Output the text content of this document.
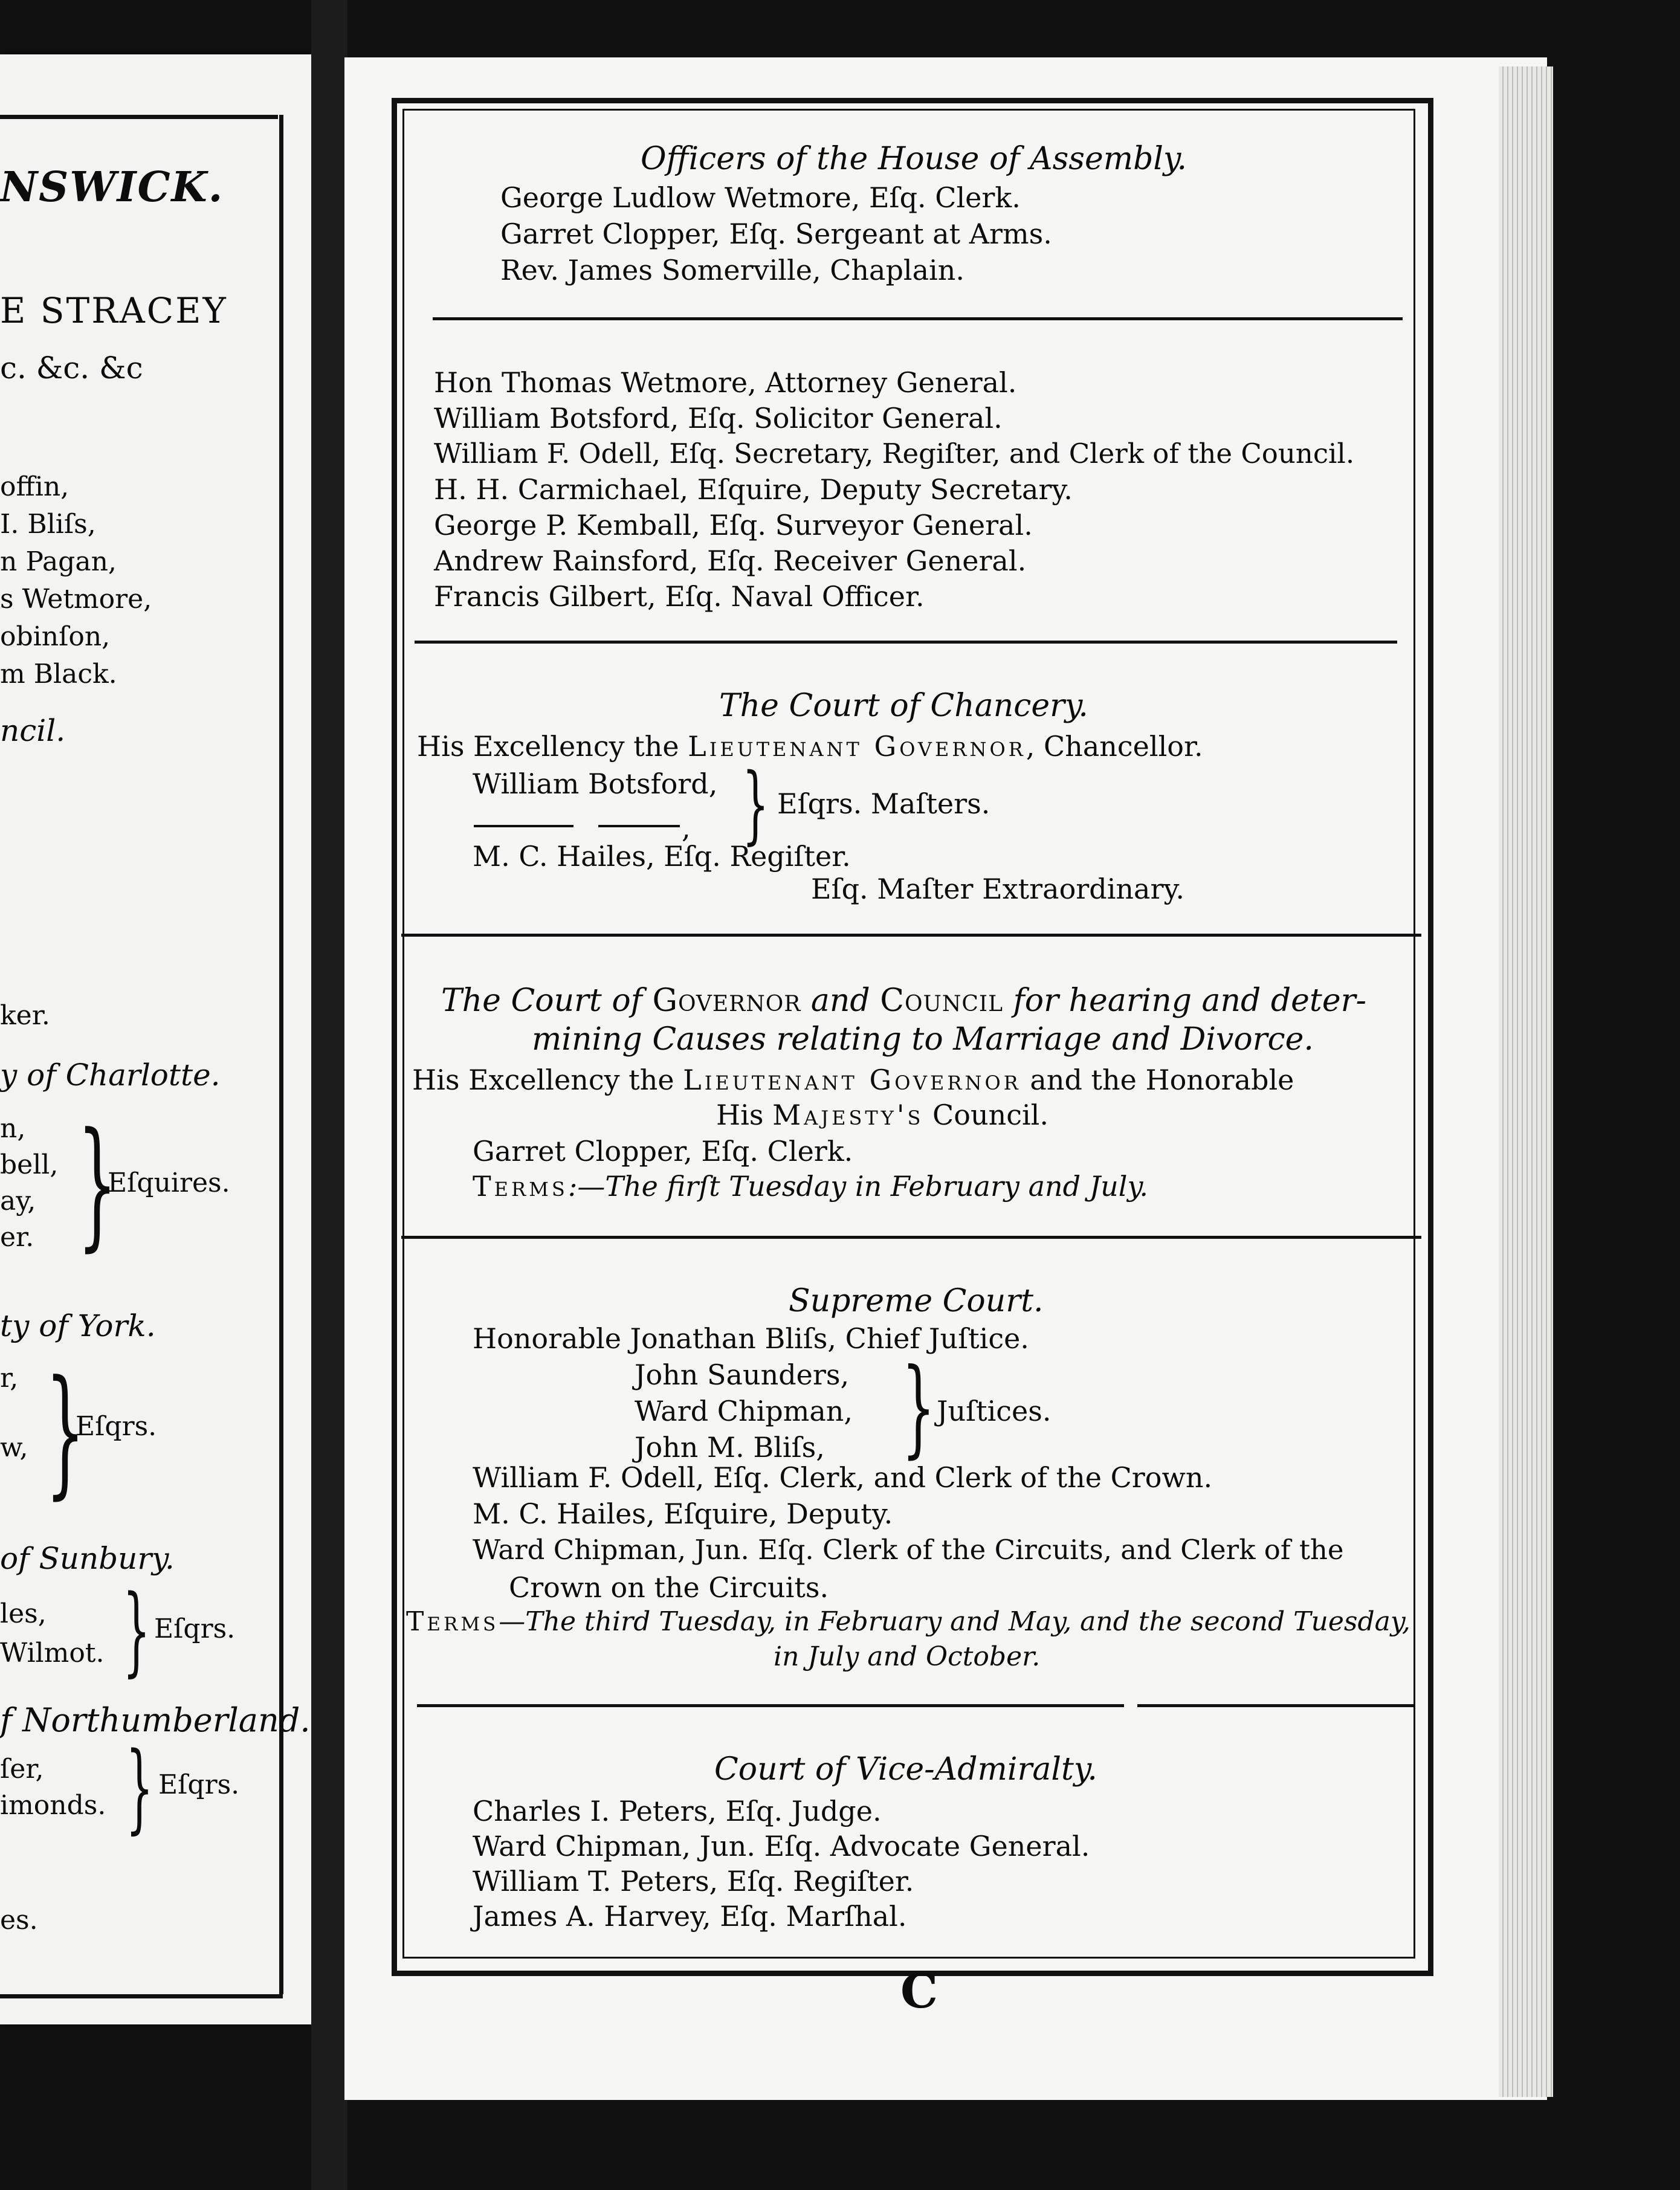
NSWICK.
E STRACEY
c. &c. &c
offin,
I. Bliſs,
n Pagan,
s Wetmore,
obinſon,
m Black.
ncil.
ker.
y of Charlotte.
n,
bell,
ay,
er. }
Eſquires.
ty of York.
r,
w, }
Eſqrs.
of Sunbury.
les,
Wilmot. } Eſqrs.
f Northumberland.
ſer,
imonds. } Eſqrs.
es.
Officers of the House of Assembly.
George Ludlow Wetmore, Eſq. Clerk.
Garret Clopper, Eſq. Sergeant at Arms.
Rev. James Somerville, Chaplain.
Hon Thomas Wetmore, Attorney General.
William Botsford, Eſq. Solicitor General.
William F. Odell, Eſq. Secretary, Regiſter, and Clerk of the Council.
H. H. Carmichael, Eſquire, Deputy Secretary.
George P. Kemball, Eſq. Surveyor General.
Andrew Rainsford, Eſq. Receiver General.
Francis Gilbert, Eſq. Naval Officer.
The Court of Chancery.
His Excellency the Lieutenant Governor, Chancellor.
William Botsford,
, } Eſqrs. Maſters.
M. C. Hailes, Eſq. Regiſter.
Eſq. Maſter Extraordinary.
The Court of Governor and Council for hearing and deter-
mining Causes relating to Marriage and Divorce.
His Excellency the Lieutenant Governor and the Honorable
His Majesty's Council.
Garret Clopper, Eſq. Clerk.
Terms:—The firſt Tuesday in February and July.
Supreme Court.
Honorable Jonathan Bliſs, Chief Juſtice.
John Saunders,
Ward Chipman,
John M. Bliſs, } Juſtices.
William F. Odell, Eſq. Clerk, and Clerk of the Crown.
M. C. Hailes, Eſquire, Deputy.
Ward Chipman, Jun. Eſq. Clerk of the Circuits, and Clerk of the
Crown on the Circuits.
Terms—The third Tuesday, in February and May, and the second Tuesday,
in July and October.
Court of Vice-Admiralty.
Charles I. Peters, Eſq. Judge.
Ward Chipman, Jun. Eſq. Advocate General.
William T. Peters, Eſq. Regiſter.
James A. Harvey, Eſq. Marſhal.
C
